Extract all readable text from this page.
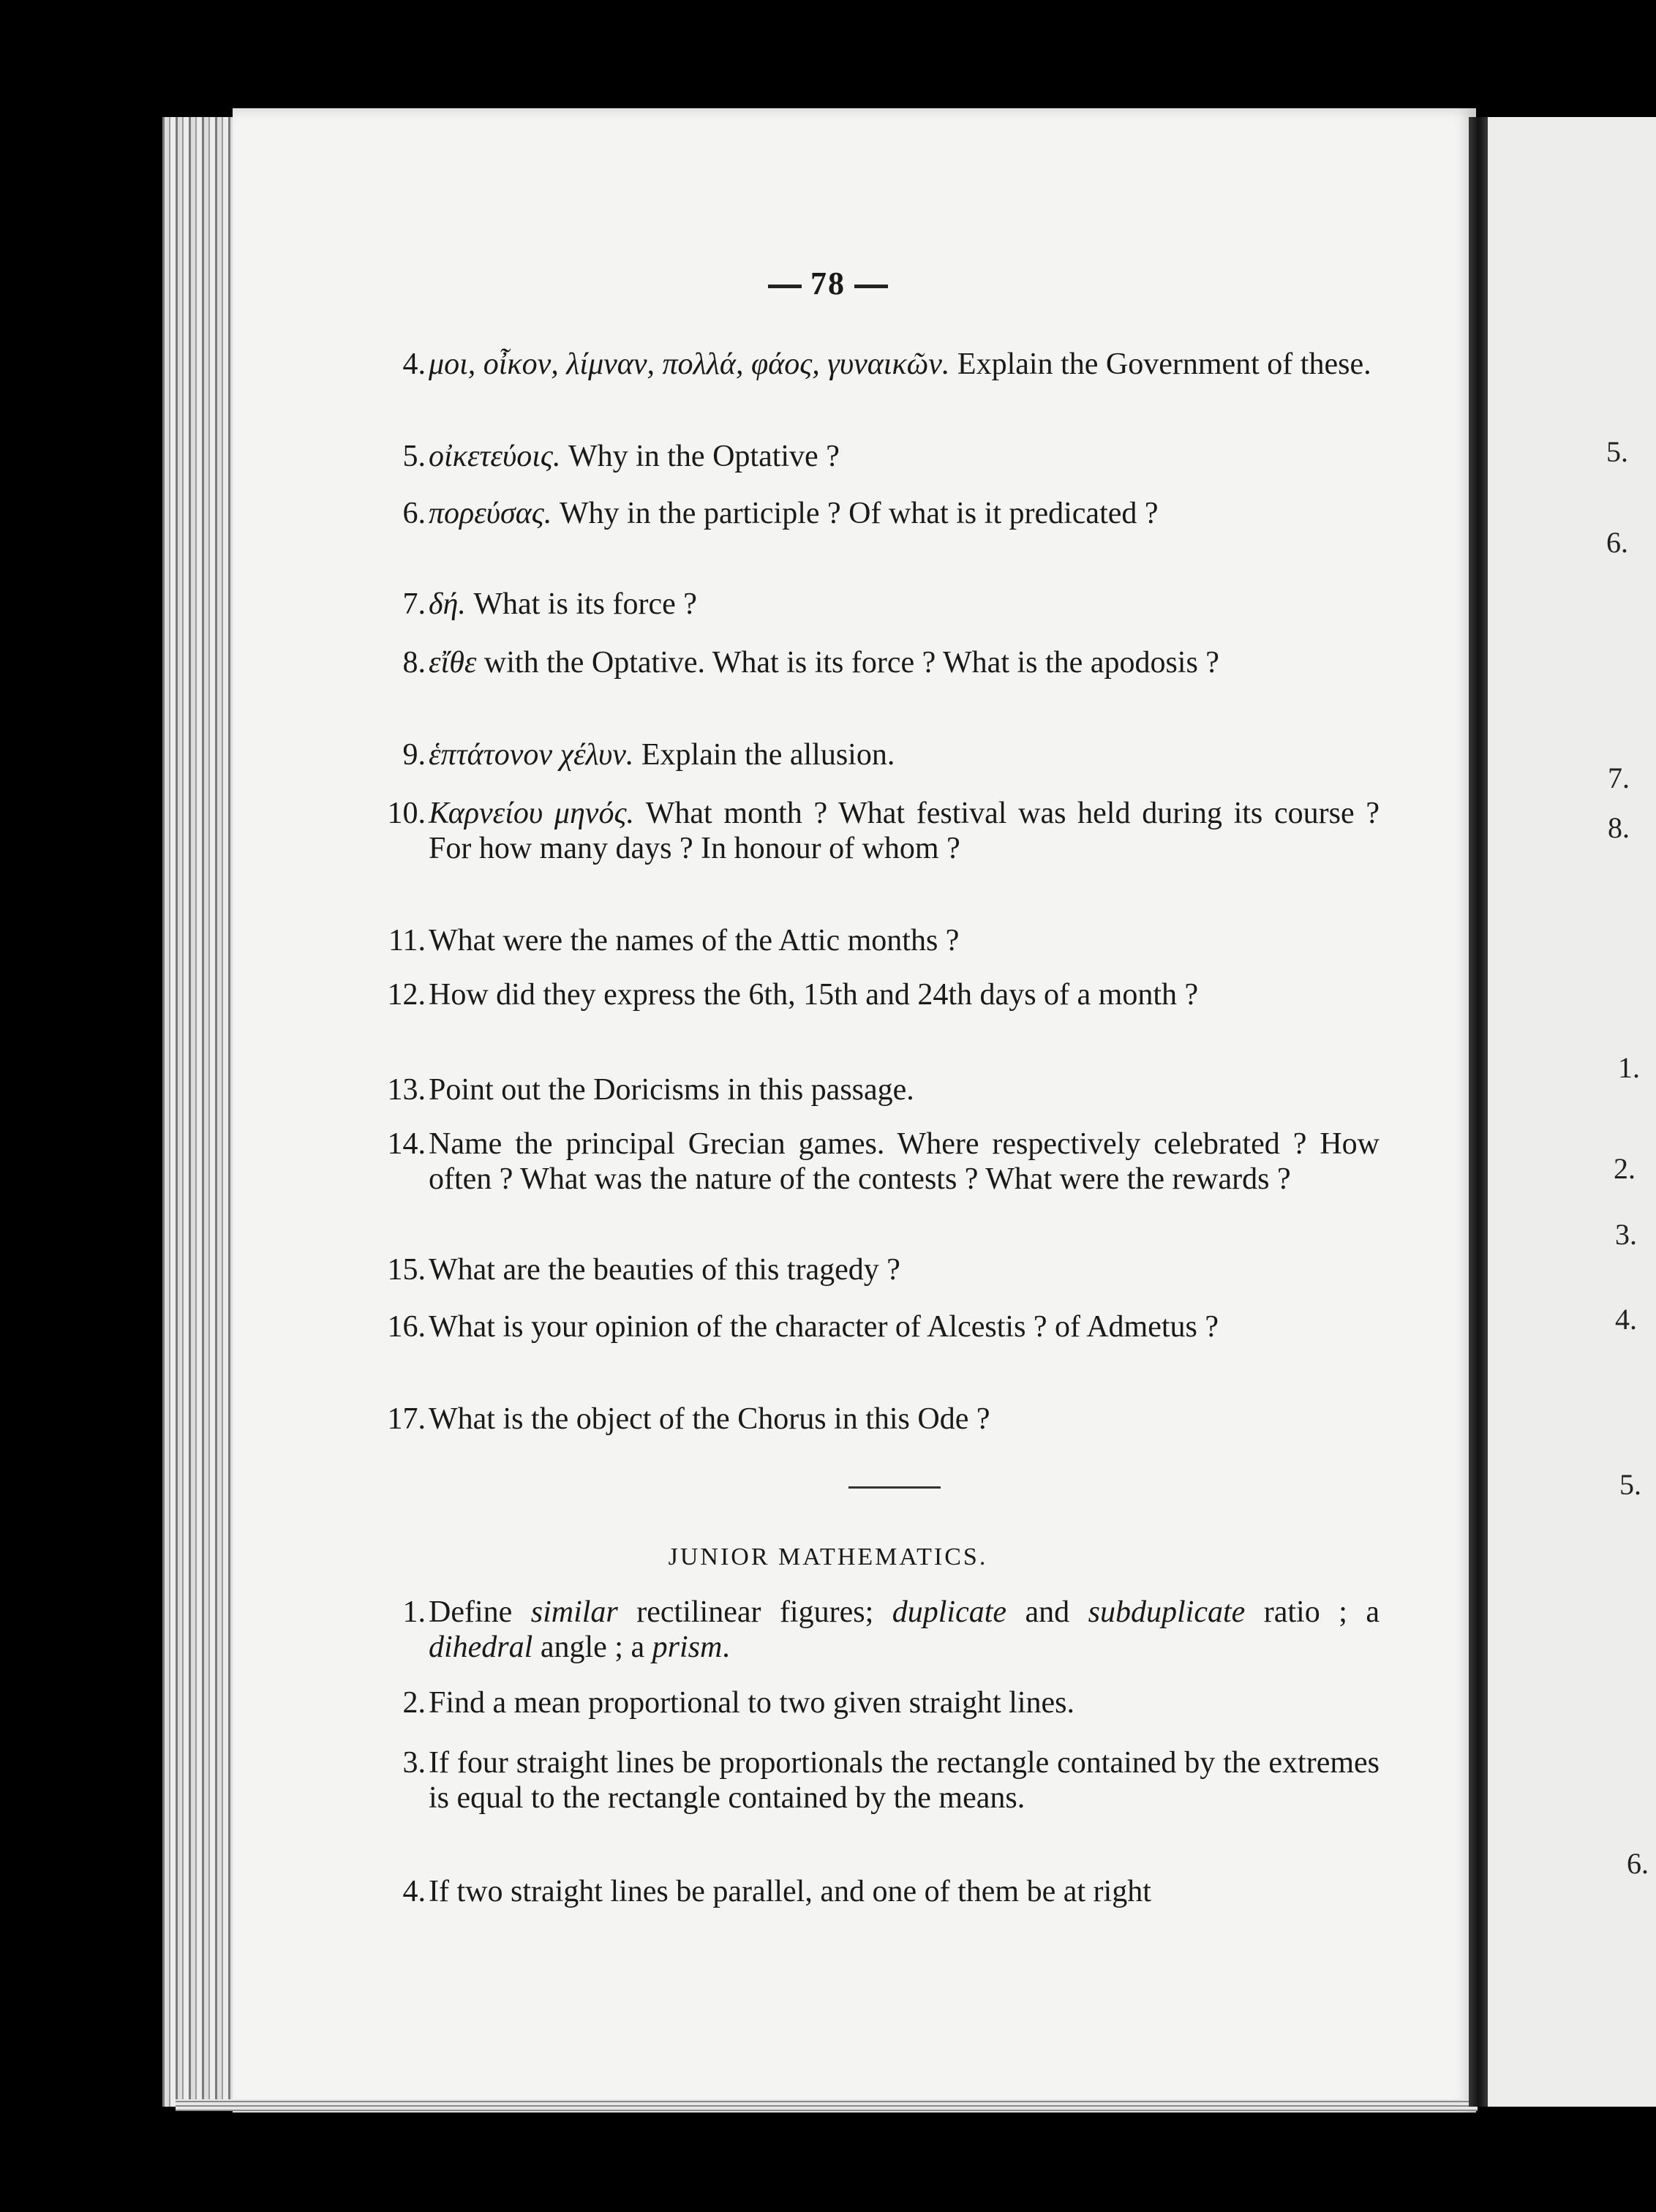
5.
6.
7.
8.
1.
2.
3.
4.
5.
6.
78
4. μοι, οἶκον, λίμναν, πολλά, φάος, γυναικῶν. Explain the Government of these.
5. οἰκετεύοις. Why in the Optative ?
6. πορεύσας. Why in the participle ? Of what is it predicated ?
7. δή. What is its force ?
8. εἴθε with the Optative. What is its force ? What is the apodosis ?
9. ἑπτάτονον χέλυν. Explain the allusion.
10. Καρνείου μηνός. What month ? What festival was held during its course ? For how many days ? In honour of whom ?
11. What were the names of the Attic months ?
12. How did they express the 6th, 15th and 24th days of a month ?
13. Point out the Doricisms in this passage.
14. Name the principal Grecian games. Where respectively celebrated ? How often ? What was the nature of the contests ? What were the rewards ?
15. What are the beauties of this tragedy ?
16. What is your opinion of the character of Alcestis ? of Admetus ?
17. What is the object of the Chorus in this Ode ?
JUNIOR MATHEMATICS.
1. Define similar rectilinear figures; duplicate and subduplicate ratio ; a dihedral angle ; a prism.
2. Find a mean proportional to two given straight lines.
3. If four straight lines be proportionals the rectangle contained by the extremes is equal to the rectangle contained by the means.
4. If two straight lines be parallel, and one of them be at right
